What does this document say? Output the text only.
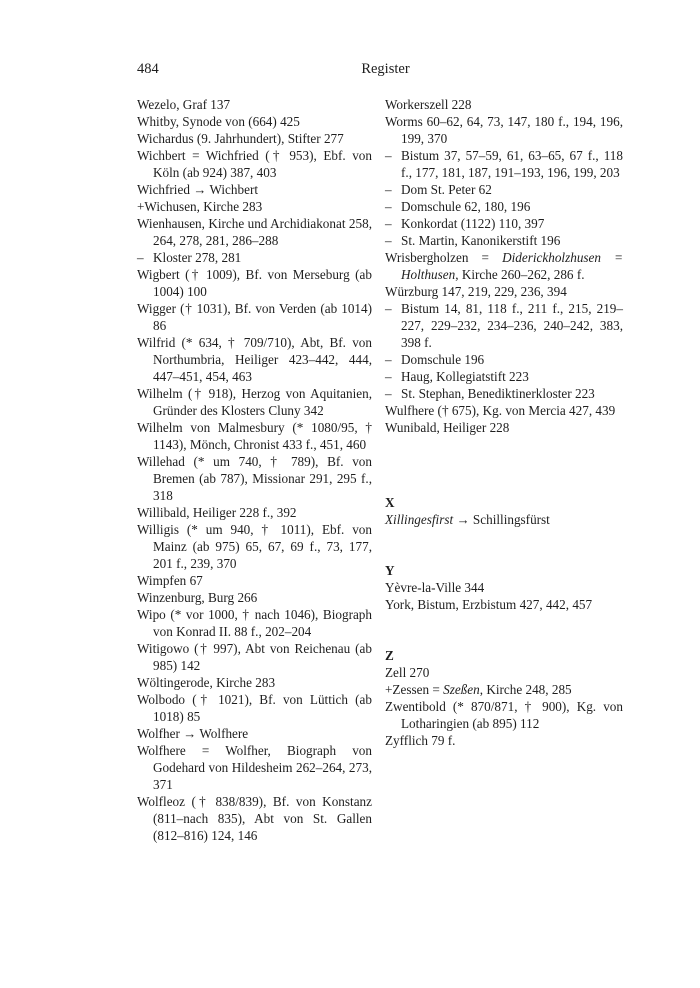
484	Register
Wezelo, Graf 137
Whitby, Synode von (664) 425
Wichardus (9. Jahrhundert), Stifter 277
Wichbert = Wichfried († 953), Ebf. von Köln (ab 924) 387, 403
Wichfried → Wichbert
+Wichusen, Kirche 283
Wienhausen, Kirche und Archidiakonat 258, 264, 278, 281, 286–288
– Kloster 278, 281
Wigbert († 1009), Bf. von Merseburg (ab 1004) 100
Wigger († 1031), Bf. von Verden (ab 1014) 86
Wilfrid (* 634, † 709/710), Abt, Bf. von Northumbria, Heiliger 423–442, 444, 447–451, 454, 463
Wilhelm († 918), Herzog von Aquitanien, Gründer des Klosters Cluny 342
Wilhelm von Malmesbury (* 1080/95, † 1143), Mönch, Chronist 433 f., 451, 460
Willehad (* um 740, † 789), Bf. von Bremen (ab 787), Missionar 291, 295 f., 318
Willibald, Heiliger 228 f., 392
Willigis (* um 940, † 1011), Ebf. von Mainz (ab 975) 65, 67, 69 f., 73, 177, 201 f., 239, 370
Wimpfen 67
Winzenburg, Burg 266
Wipo (* vor 1000, † nach 1046), Biograph von Konrad II. 88 f., 202–204
Witigowo († 997), Abt von Reichenau (ab 985) 142
Wöltingerode, Kirche 283
Wolbodo († 1021), Bf. von Lüttich (ab 1018) 85
Wolfher → Wolfhere
Wolfhere = Wolfher, Biograph von Godehard von Hildesheim 262–264, 273, 371
Wolfleoz († 838/839), Bf. von Konstanz (811–nach 835), Abt von St. Gallen (812–816) 124, 146
Workerszell 228
Worms 60–62, 64, 73, 147, 180 f., 194, 196, 199, 370
– Bistum 37, 57–59, 61, 63–65, 67 f., 118 f., 177, 181, 187, 191–193, 196, 199, 203
– Dom St. Peter 62
– Domschule 62, 180, 196
– Konkordat (1122) 110, 397
– St. Martin, Kanonikerstift 196
Wrisbergholzen = Diderickholzhusen = Holthusen, Kirche 260–262, 286 f.
Würzburg 147, 219, 229, 236, 394
– Bistum 14, 81, 118 f., 211 f., 215, 219–227, 229–232, 234–236, 240–242, 383, 398 f.
– Domschule 196
– Haug, Kollegiatstift 223
– St. Stephan, Benediktinerkloster 223
Wulfhere († 675), Kg. von Mercia 427, 439
Wunibald, Heiliger 228
X
Xillingesfirst → Schillingsfürst
Y
Yèvre-la-Ville 344
York, Bistum, Erzbistum 427, 442, 457
Z
Zell 270
+Zessen = Szeßen, Kirche 248, 285
Zwentibold (* 870/871, † 900), Kg. von Lotharingien (ab 895) 112
Zyfflich 79 f.
